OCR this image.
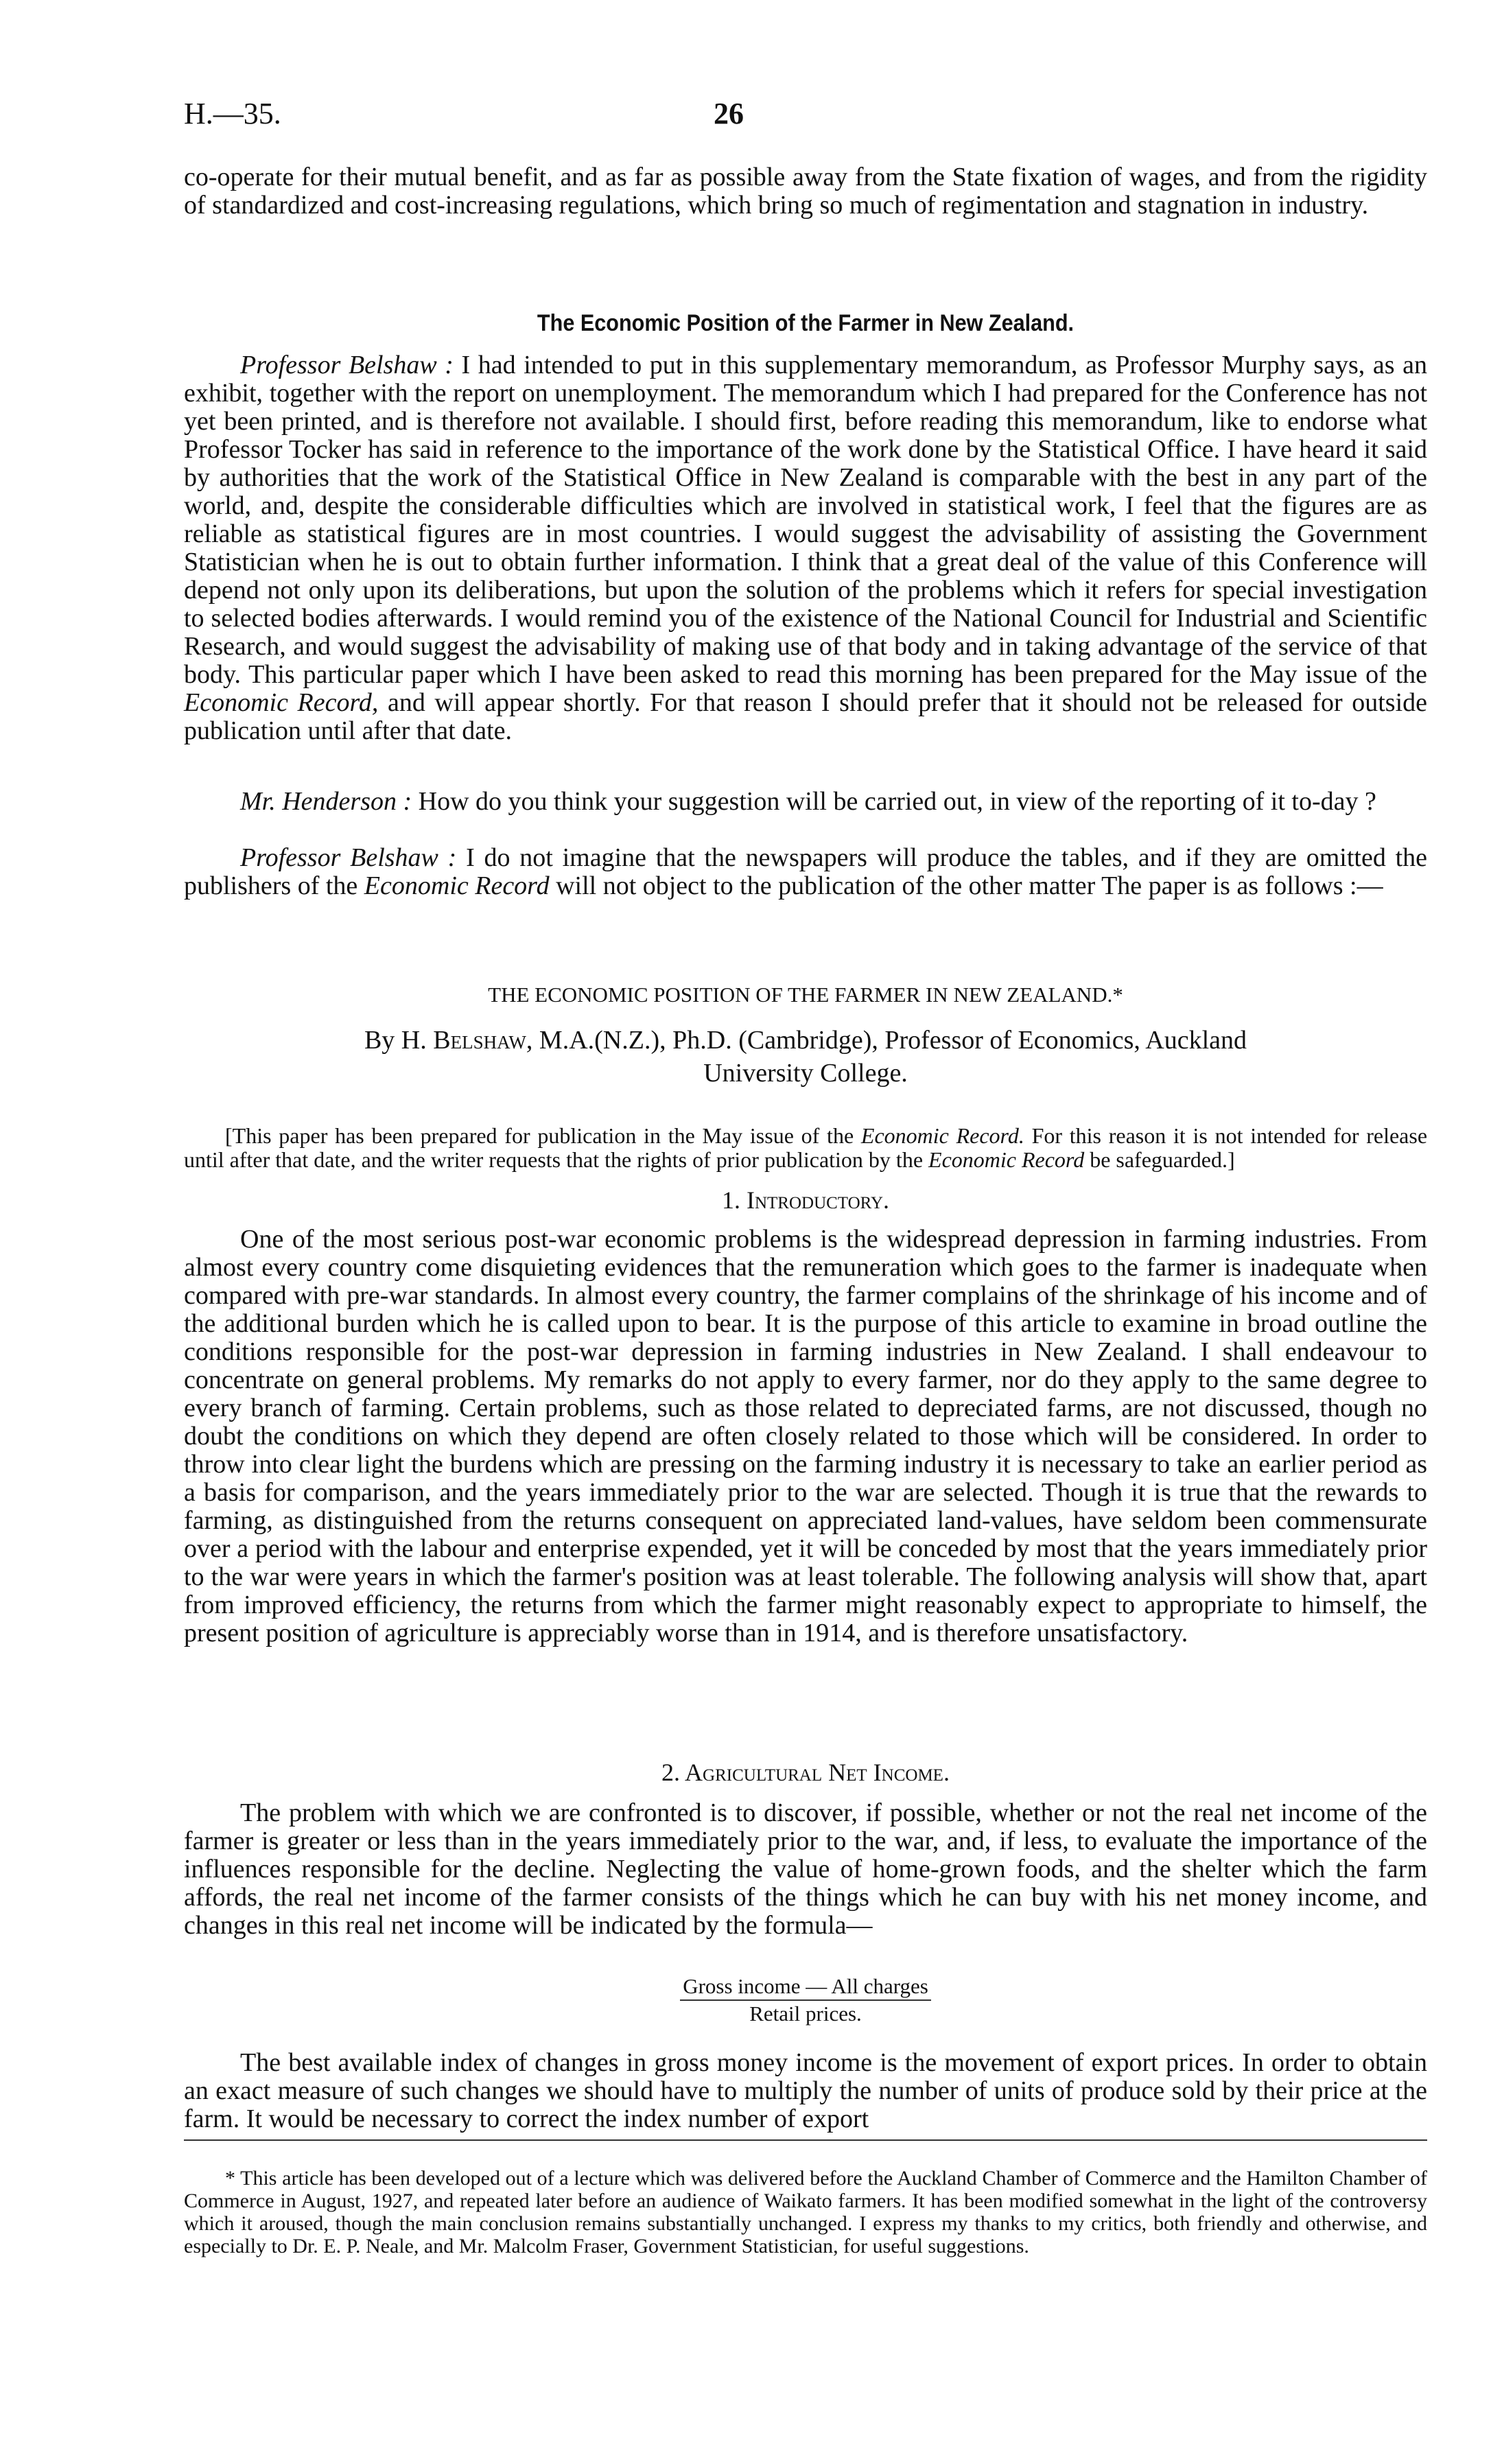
H.—35.	26

co-operate for their mutual benefit, and as far as possible away from the State fixation of wages, and from the rigidity of standardized and cost-increasing regulations, which bring so much of regimentation and stagnation in industry.

The Economic Position of the Farmer in New Zealand.

Professor Belshaw : I had intended to put in this supplementary memorandum, as Professor Murphy says, as an exhibit, together with the report on unemployment. The memorandum which I had prepared for the Conference has not yet been printed, and is therefore not available. I should first, before reading this memorandum, like to endorse what Professor Tocker has said in reference to the importance of the work done by the Statistical Office. I have heard it said by authorities that the work of the Statistical Office in New Zealand is comparable with the best in any part of the world, and, despite the considerable difficulties which are involved in statistical work, I feel that the figures are as reliable as statistical figures are in most countries. I would suggest the advisability of assisting the Government Statistician when he is out to obtain further information. I think that a great deal of the value of this Conference will depend not only upon its deliberations, but upon the solution of the problems which it refers for special investigation to selected bodies afterwards. I would remind you of the existence of the National Council for Industrial and Scientific Research, and would suggest the advisability of making use of that body and in taking advantage of the service of that body. This particular paper which I have been asked to read this morning has been prepared for the May issue of the Economic Record, and will appear shortly. For that reason I should prefer that it should not be released for outside publication until after that date.

Mr. Henderson : How do you think your suggestion will be carried out, in view of the reporting of it to-day ?

Professor Belshaw : I do not imagine that the newspapers will produce the tables, and if they are omitted the publishers of the Economic Record will not object to the publication of the other matter The paper is as follows :—

THE ECONOMIC POSITION OF THE FARMER IN NEW ZEALAND.*
By H. Belshaw, M.A.(N.Z.), Ph.D. (Cambridge), Professor of Economics, Auckland
University College.

[This paper has been prepared for publication in the May issue of the Economic Record. For this reason it is not intended for release until after that date, and the writer requests that the rights of prior publication by the Economic Record be safeguarded.]

1. Introductory.

One of the most serious post-war economic problems is the widespread depression in farming industries. From almost every country come disquieting evidences that the remuneration which goes to the farmer is inadequate when compared with pre-war standards. In almost every country, the farmer complains of the shrinkage of his income and of the additional burden which he is called upon to bear. It is the purpose of this article to examine in broad outline the conditions responsible for the post-war depression in farming industries in New Zealand. I shall endeavour to concentrate on general problems. My remarks do not apply to every farmer, nor do they apply to the same degree to every branch of farming. Certain problems, such as those related to depreciated farms, are not discussed, though no doubt the conditions on which they depend are often closely related to those which will be considered. In order to throw into clear light the burdens which are pressing on the farming industry it is necessary to take an earlier period as a basis for comparison, and the years immediately prior to the war are selected. Though it is true that the rewards to farming, as distinguished from the returns consequent on appreciated land-values, have seldom been commensurate over a period with the labour and enterprise expended, yet it will be conceded by most that the years immediately prior to the war were years in which the farmer's position was at least tolerable. The following analysis will show that, apart from improved efficiency, the returns from which the farmer might reasonably expect to appropriate to himself, the present position of agriculture is appreciably worse than in 1914, and is therefore unsatisfactory.

2. Agricultural Net Income.

The problem with which we are confronted is to discover, if possible, whether or not the real net income of the farmer is greater or less than in the years immediately prior to the war, and, if less, to evaluate the importance of the influences responsible for the decline. Neglecting the value of home-grown foods, and the shelter which the farm affords, the real net income of the farmer consists of the things which he can buy with his net money income, and changes in this real net income will be indicated by the formula—

$\frac{\text{Gross income — All charges}}{\text{Retail prices.}}$

The best available index of changes in gross money income is the movement of export prices. In order to obtain an exact measure of such changes we should have to multiply the number of units of produce sold by their price at the farm. It would be necessary to correct the index number of export

* This article has been developed out of a lecture which was delivered before the Auckland Chamber of Commerce and the Hamilton Chamber of Commerce in August, 1927, and repeated later before an audience of Waikato farmers. It has been modified somewhat in the light of the controversy which it aroused, though the main conclusion remains substantially unchanged. I express my thanks to my critics, both friendly and otherwise, and especially to Dr. E. P. Neale, and Mr. Malcolm Fraser, Government Statistician, for useful suggestions.
